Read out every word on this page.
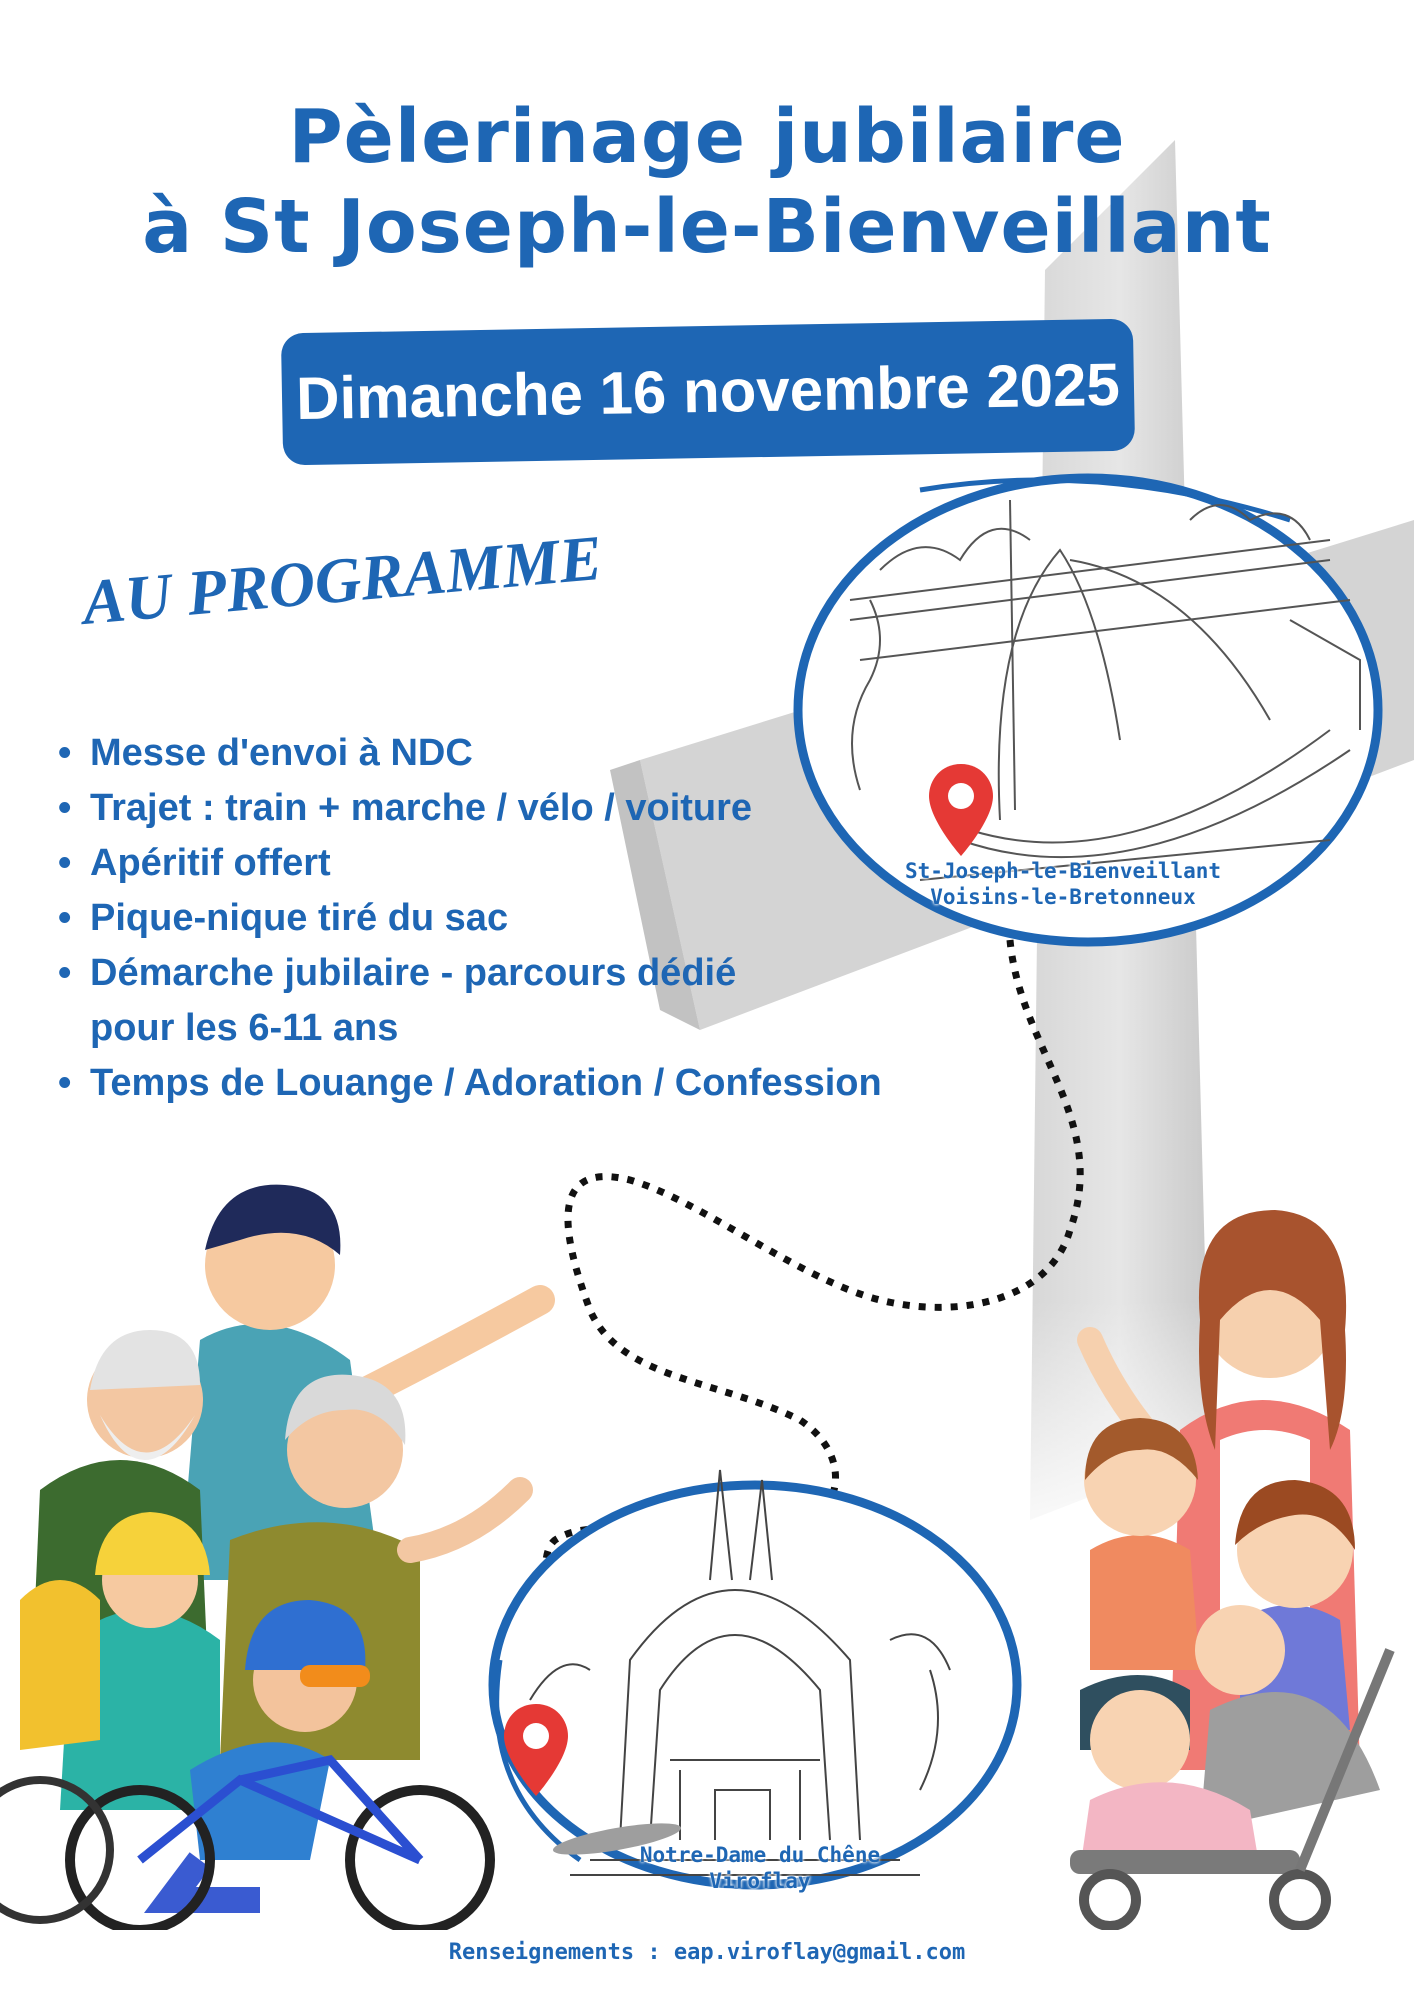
Pèlerinage jubilaire
à St Joseph-le-Bienveillant
Dimanche 16 novembre 2025
AU PROGRAMME
• Messe d'envoi à NDC
• Trajet : train + marche / vélo / voiture
• Apéritif offert
• Pique-nique tiré du sac
• Démarche jubilaire - parcours dédié
pour les 6-11 ans
• Temps de Louange / Adoration / Confession
St-Joseph-le-Bienveillant
Voisins-le-Bretonneux
Notre-Dame du Chêne
Viroflay
Renseignements : eap.viroflay@gmail.com
